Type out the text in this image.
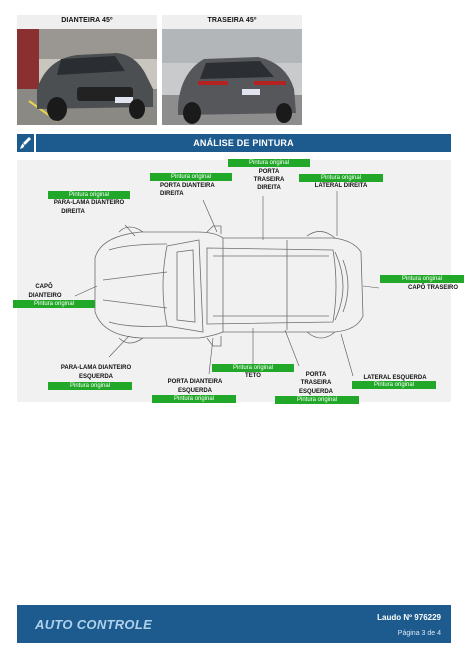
DIANTEIRA 45º	TRASEIRA 45º
ANÁLISE DE PINTURA
Pintura original
PORTA
TRASEIRA
DIREITA
Pintura original
PORTA DIANTEIRA
DIREITA
Pintura original
LATERAL DIREITA
Pintura original
PARA-LAMA DIANTEIRO
DIREITA
CAPÔ
DIANTEIRO
Pintura original
Pintura original
CAPÔ TRASEIRO
PARA-LAMA DIANTEIRO
ESQUERDA
Pintura original
Pintura original
TETO
PORTA DIANTEIRA
ESQUERDA
Pintura original
PORTA
TRASEIRA
ESQUERDA
Pintura original
LATERAL ESQUERDA
Pintura original
AUTO CONTROLE	Laudo Nº 976229
Página 3 de 4
